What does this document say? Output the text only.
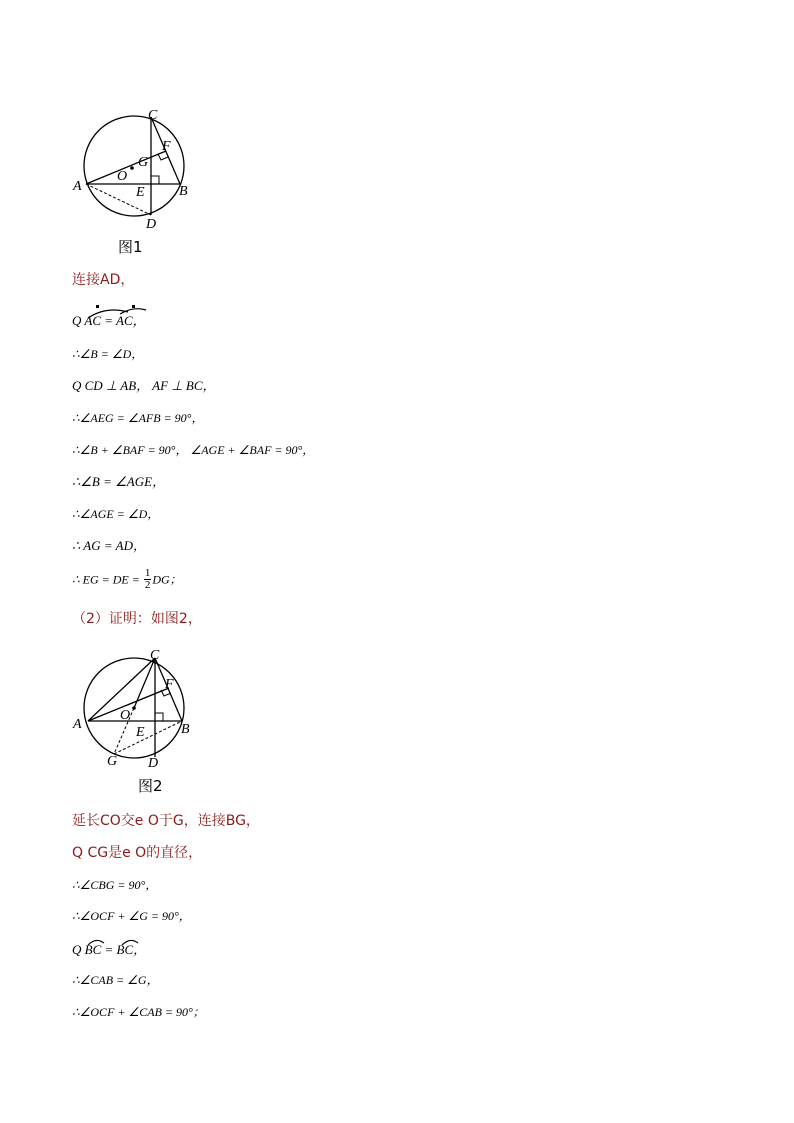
C
F
G
O
A	E B
D
图1
连接AD，
Q AC = AC，
∴∠B = ∠D，
Q CD ⊥ AB， AF ⊥ BC，
∴∠AEG = ∠AFB = 90°，
∴∠B + ∠BAF = 90°， ∠AGE + ∠BAF = 90°，
∴∠B = ∠AGE，
∴∠AGE = ∠D，
∴ AG = AD，
∴ EG = DE = $\frac{1}{2}$ DG；
（2）证明：如图2，
C
F
O
A
E	B
G D
图2
延长CO交e O于G，连接BG，
Q CG是e O的直径，
∴∠CBG = 90°，
∴∠OCF + ∠G = 90°，
Q BC = BC，
∴∠CAB = ∠G，
∴∠OCF + ∠CAB = 90°；
